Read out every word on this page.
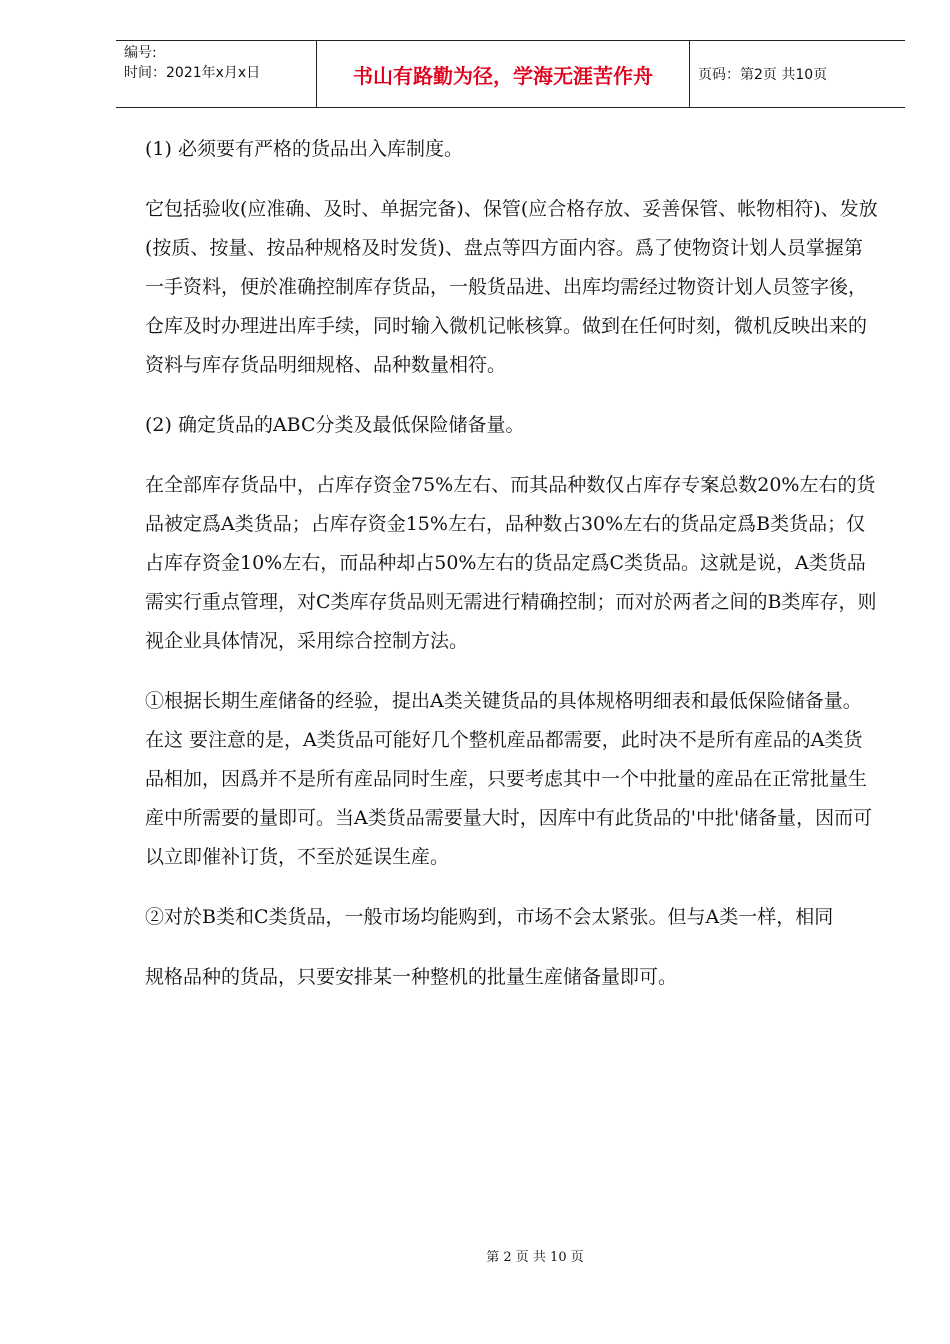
编号:
时间：2021年x月x日	书山有路勤为径，学海无涯苦作舟	页码：第2页 共10页

(1) 必须要有严格的货品出入库制度。

它包括验收(应准确、及时、单据完备)、保管(应合格存放、妥善保管、帐物相符)、发放(按质、按量、按品种规格及时发货)、盘点等四方面内容。爲了使物资计划人员掌握第一手资料，便於准确控制库存货品，一般货品进、出库均需经过物资计划人员签字後，仓库及时办理进出库手续，同时输入微机记帐核算。做到在任何时刻，微机反映出来的资料与库存货品明细规格、品种数量相符。

(2) 确定货品的ABC分类及最低保险储备量。

在全部库存货品中，占库存资金75%左右、而其品种数仅占库存专案总数20%左右的货品被定爲A类货品；占库存资金15%左右，品种数占30%左右的货品定爲B类货品；仅占库存资金10%左右，而品种却占50%左右的货品定爲C类货品。这就是说，A类货品需实行重点管理，对C类库存货品则无需进行精确控制；而对於两者之间的B类库存，则视企业具体情况，采用综合控制方法。

①根据长期生産储备的经验，提出A类关键货品的具体规格明细表和最低保险储备量。在这 要注意的是，A类货品可能好几个整机産品都需要，此时决不是所有産品的A类货品相加，因爲并不是所有産品同时生産，只要考虑其中一个中批量的産品在正常批量生産中所需要的量即可。当A类货品需要量大时，因库中有此货品的'中批'储备量，因而可以立即催补订货，不至於延误生産。

②对於B类和C类货品，一般市场均能购到，市场不会太紧张。但与A类一样，相同

规格品种的货品，只要安排某一种整机的批量生産储备量即可。

第 2 页 共 10 页
